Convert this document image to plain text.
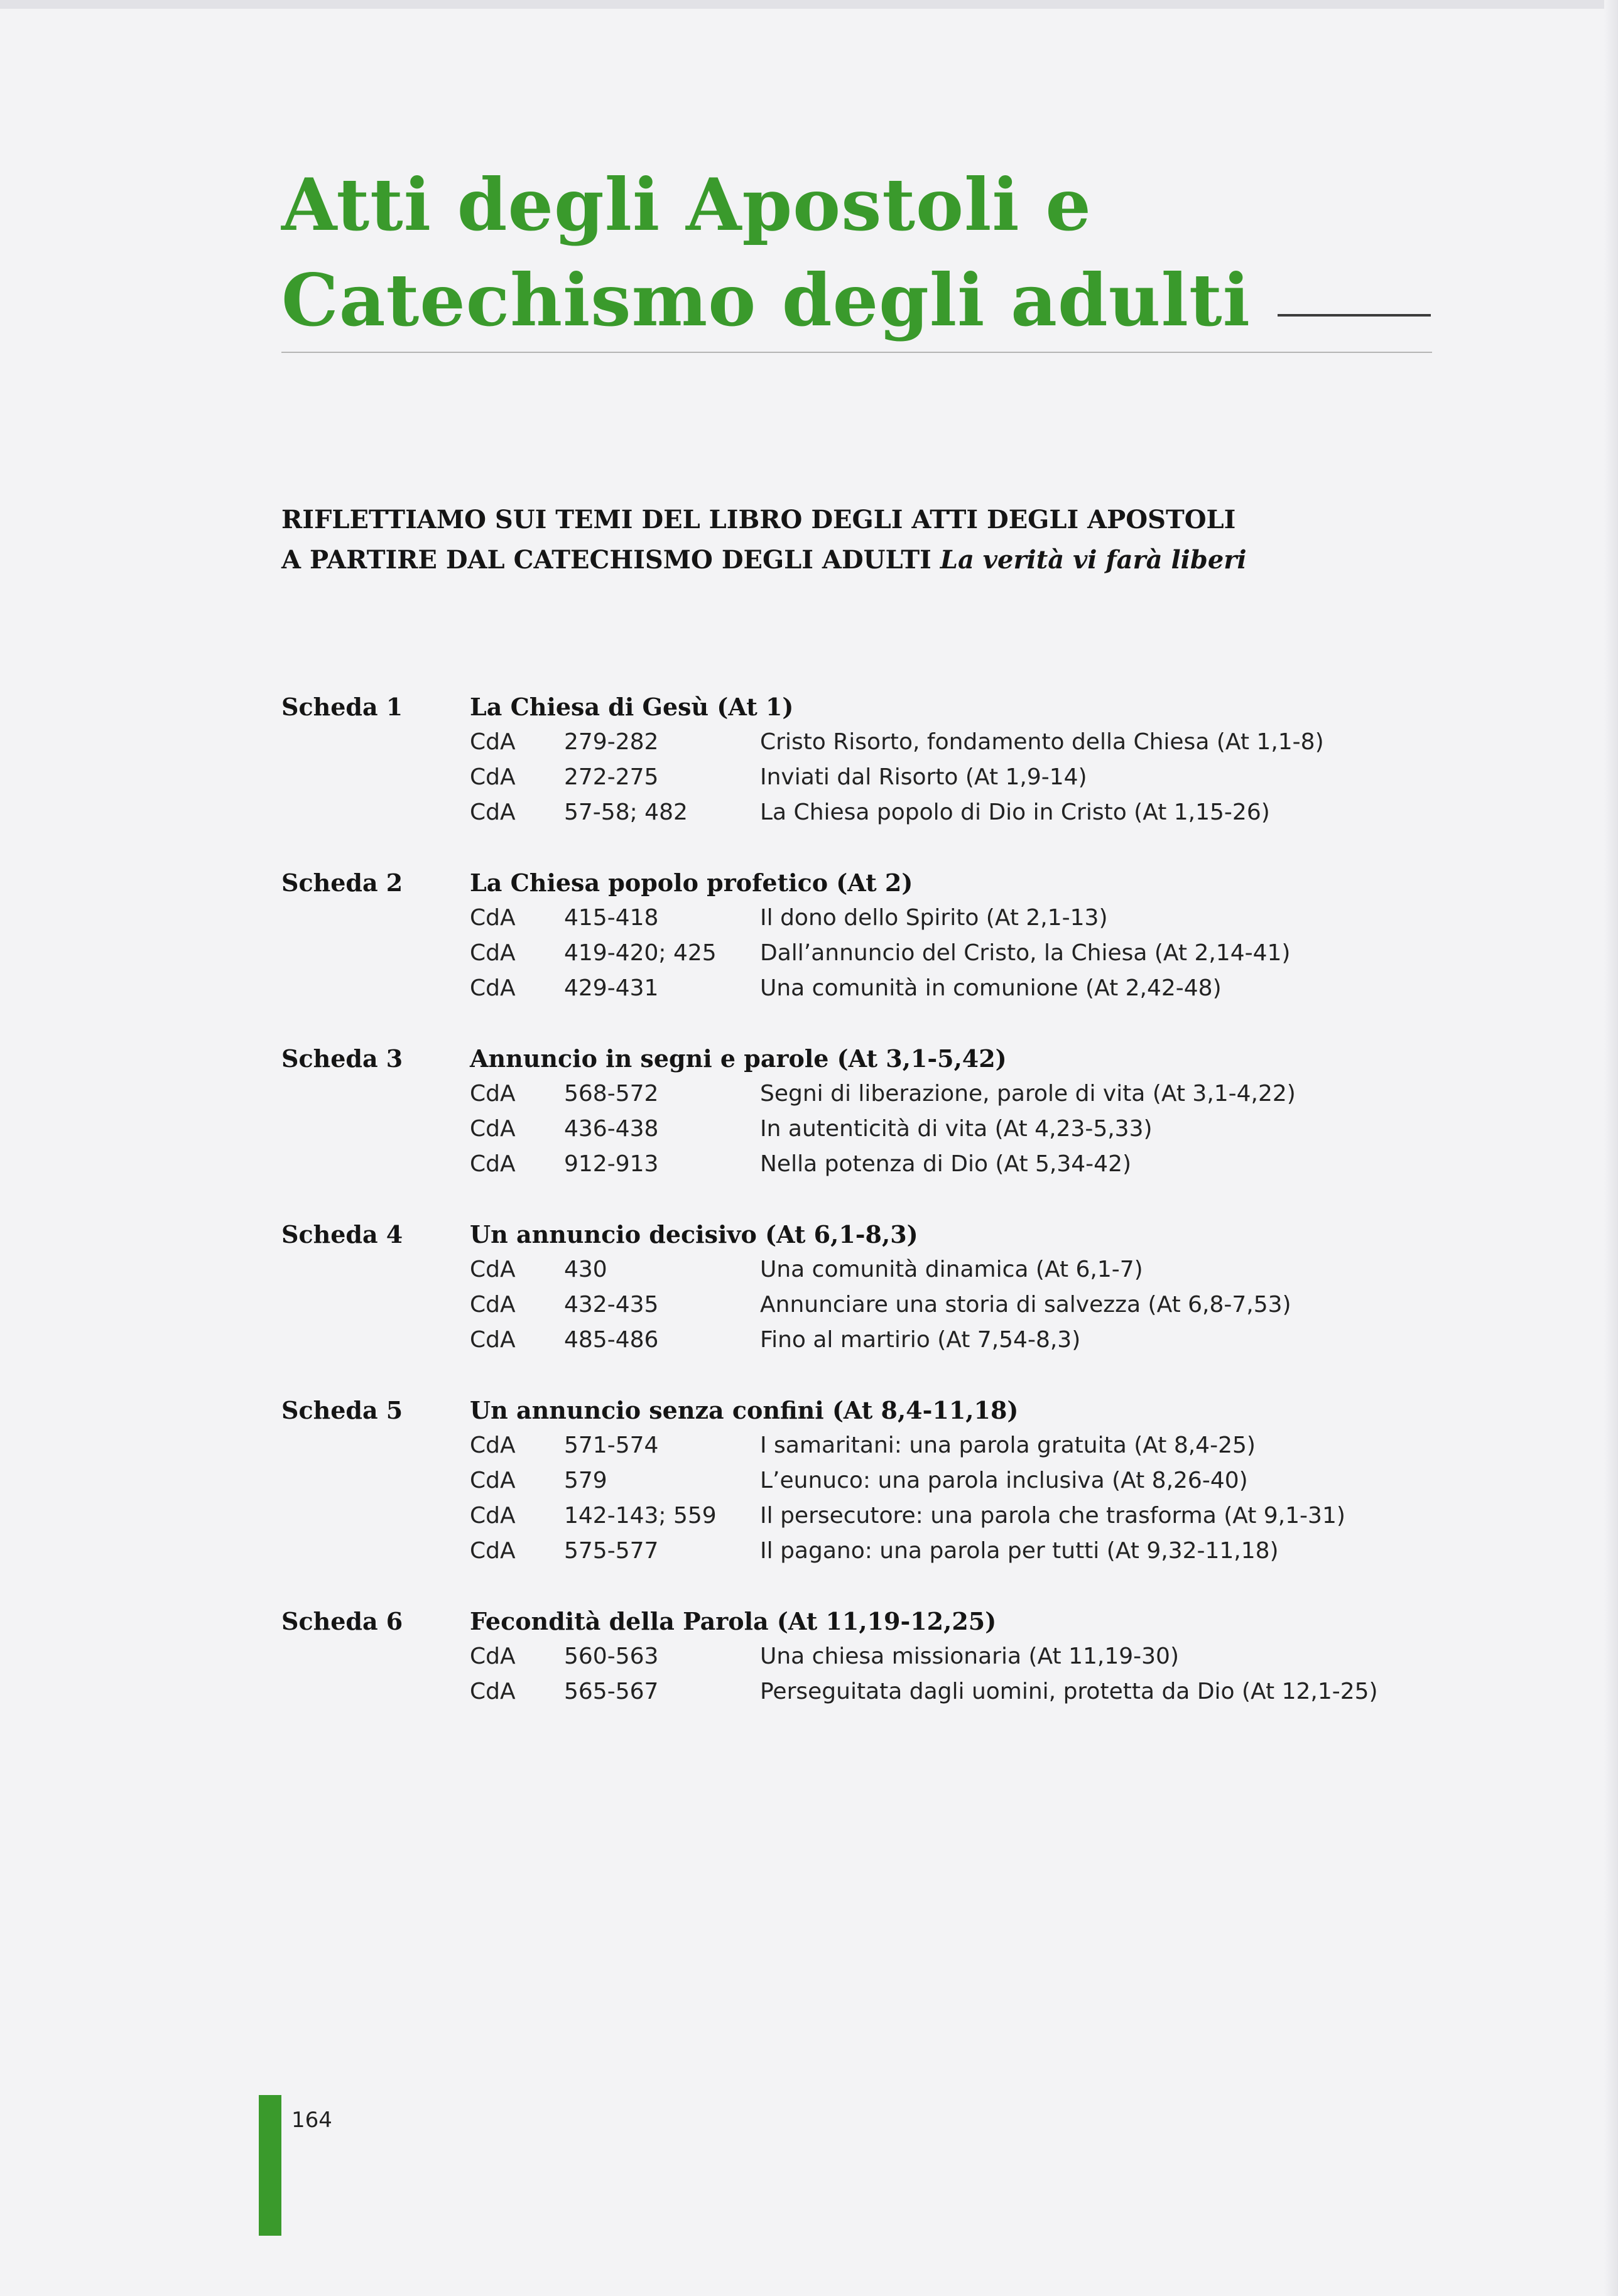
Atti degli Apostoli e
Catechismo degli adulti
RIFLETTIAMO SUI TEMI DEL LIBRO DEGLI ATTI DEGLI APOSTOLI
A PARTIRE DAL CATECHISMO DEGLI ADULTI La verità vi farà liberi
Scheda 1	La Chiesa di Gesù (At 1)
CdA 279-282	Cristo Risorto, fondamento della Chiesa (At 1,1-8)
CdA 272-275	Inviati dal Risorto (At 1,9-14)
CdA 57-58; 482	La Chiesa popolo di Dio in Cristo (At 1,15-26)
Scheda 2	La Chiesa popolo profetico (At 2)
CdA 415-418	Il dono dello Spirito (At 2,1-13)
CdA 419-420; 425 Dall’annuncio del Cristo, la Chiesa (At 2,14-41)
CdA 429-431	Una comunità in comunione (At 2,42-48)
Scheda 3	Annuncio in segni e parole (At 3,1-5,42)
CdA 568-572	Segni di liberazione, parole di vita (At 3,1-4,22)
CdA 436-438	In autenticità di vita (At 4,23-5,33)
CdA 912-913	Nella potenza di Dio (At 5,34-42)
Scheda 4	Un annuncio decisivo (At 6,1-8,3)
CdA 430	Una comunità dinamica (At 6,1-7)
CdA 432-435	Annunciare una storia di salvezza (At 6,8-7,53)
CdA 485-486	Fino al martirio (At 7,54-8,3)
Scheda 5	Un annuncio senza confini (At 8,4-11,18)
CdA 571-574	I samaritani: una parola gratuita (At 8,4-25)
CdA 579	L’eunuco: una parola inclusiva (At 8,26-40)
CdA 142-143; 559 Il persecutore: una parola che trasforma (At 9,1-31)
CdA 575-577	Il pagano: una parola per tutti (At 9,32-11,18)
Scheda 6	Fecondità della Parola (At 11,19-12,25)
CdA 560-563	Una chiesa missionaria (At 11,19-30)
CdA 565-567	Perseguitata dagli uomini, protetta da Dio (At 12,1-25)
164
